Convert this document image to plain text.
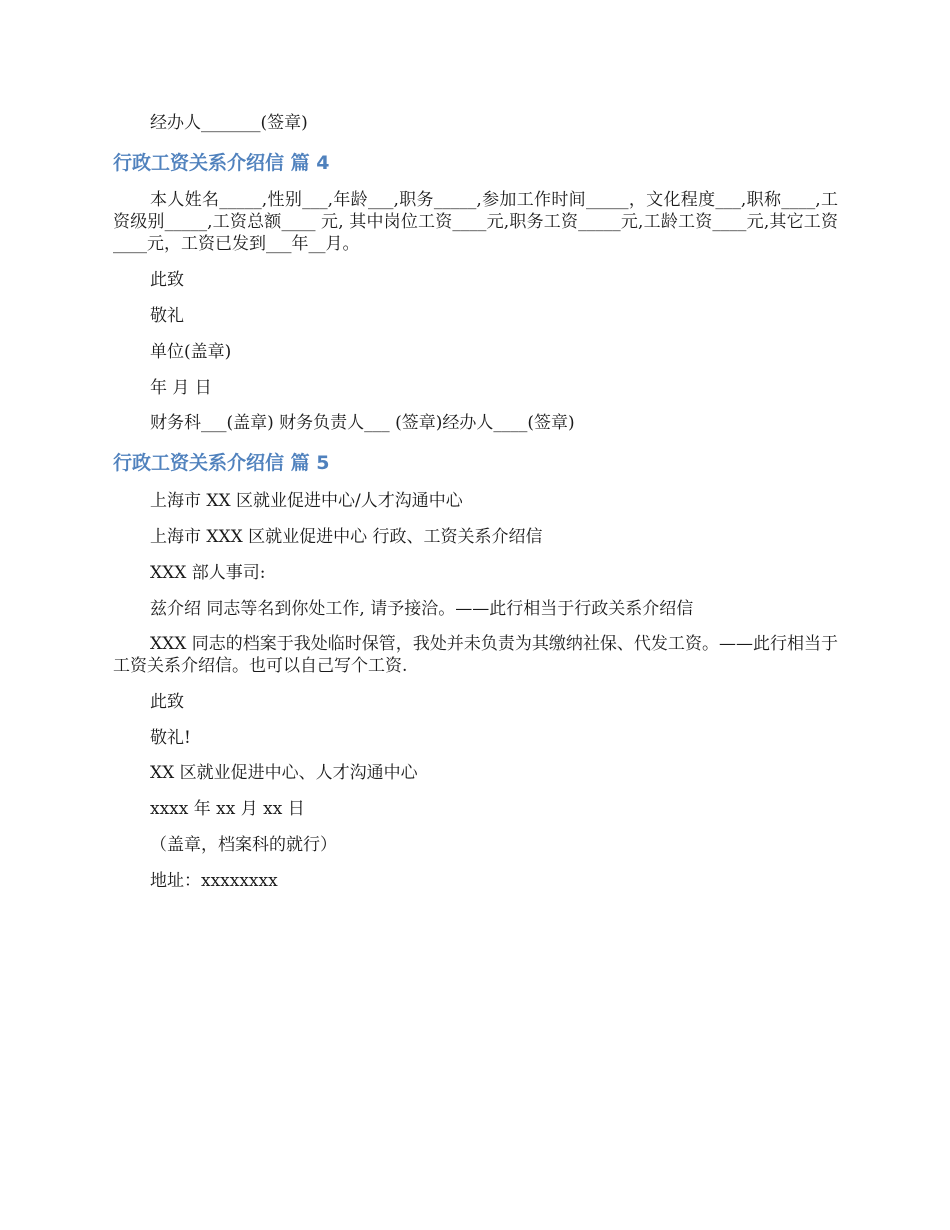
经办人_______(签章)
行政工资关系介绍信 篇 4
本人姓名_____,性别___,年龄___,职务_____,参加工作时间_____，文化程度___,职称____,工资级别_____,工资总额____ 元, 其中岗位工资____元,职务工资_____元,工龄工资____元,其它工资 ____元，工资已发到___年__月。
此致
敬礼
单位(盖章)
年 月 日
财务科___(盖章) 财务负责人___ (签章)经办人____(签章)
行政工资关系介绍信 篇 5
上海市 XX 区就业促进中心/人才沟通中心
上海市 XXX 区就业促进中心 行政、工资关系介绍信
XXX 部人事司:
兹介绍 同志等名到你处工作, 请予接洽。——此行相当于行政关系介绍信
XXX 同志的档案于我处临时保管，我处并未负责为其缴纳社保、代发工资。——此行相当于工资关系介绍信。也可以自己写个工资.
此致
敬礼!
XX 区就业促进中心、人才沟通中心
xxxx 年 xx 月 xx 日
（盖章，档案科的就行）
地址：xxxxxxxx
